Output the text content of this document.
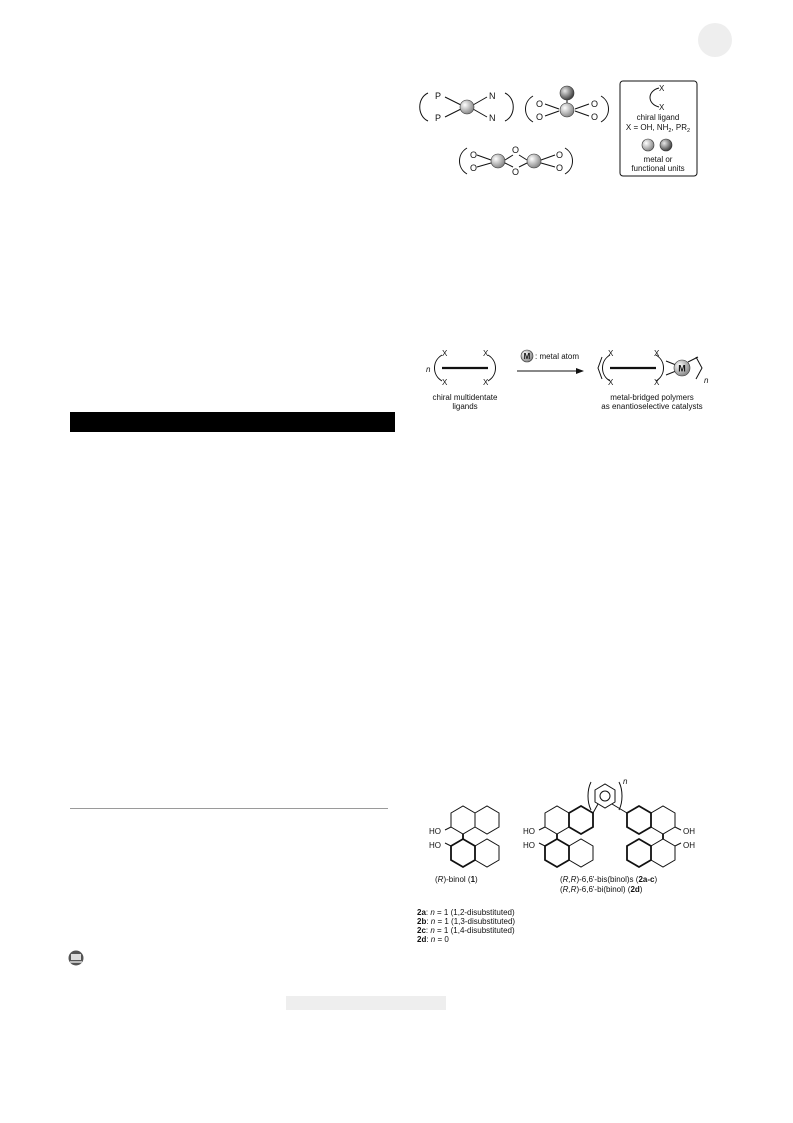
P
P
N
N
O
O
O
O
O
O
O
O
O
O
X
X
chiral ligand
X = OH, $NH_2$, $PR_2$
metal or
functional units
M : metal atom
M
n
n
X
X
X
X
X
X
X
X
chiral multidentate
ligands
metal-bridged polymers
as enantioselective catalysts
HO
HO
HO
HO
OH
OH
n
(R)-binol (1)	(R,R)-6,6'-bis(binol)s (2a-c)
(R,R)-6,6'-bi(binol) (2d)
2a: n = 1 (1,2-disubstituted)
2b: n = 1 (1,3-disubstituted)
2c: n = 1 (1,4-disubstituted)
2d: n = 0
